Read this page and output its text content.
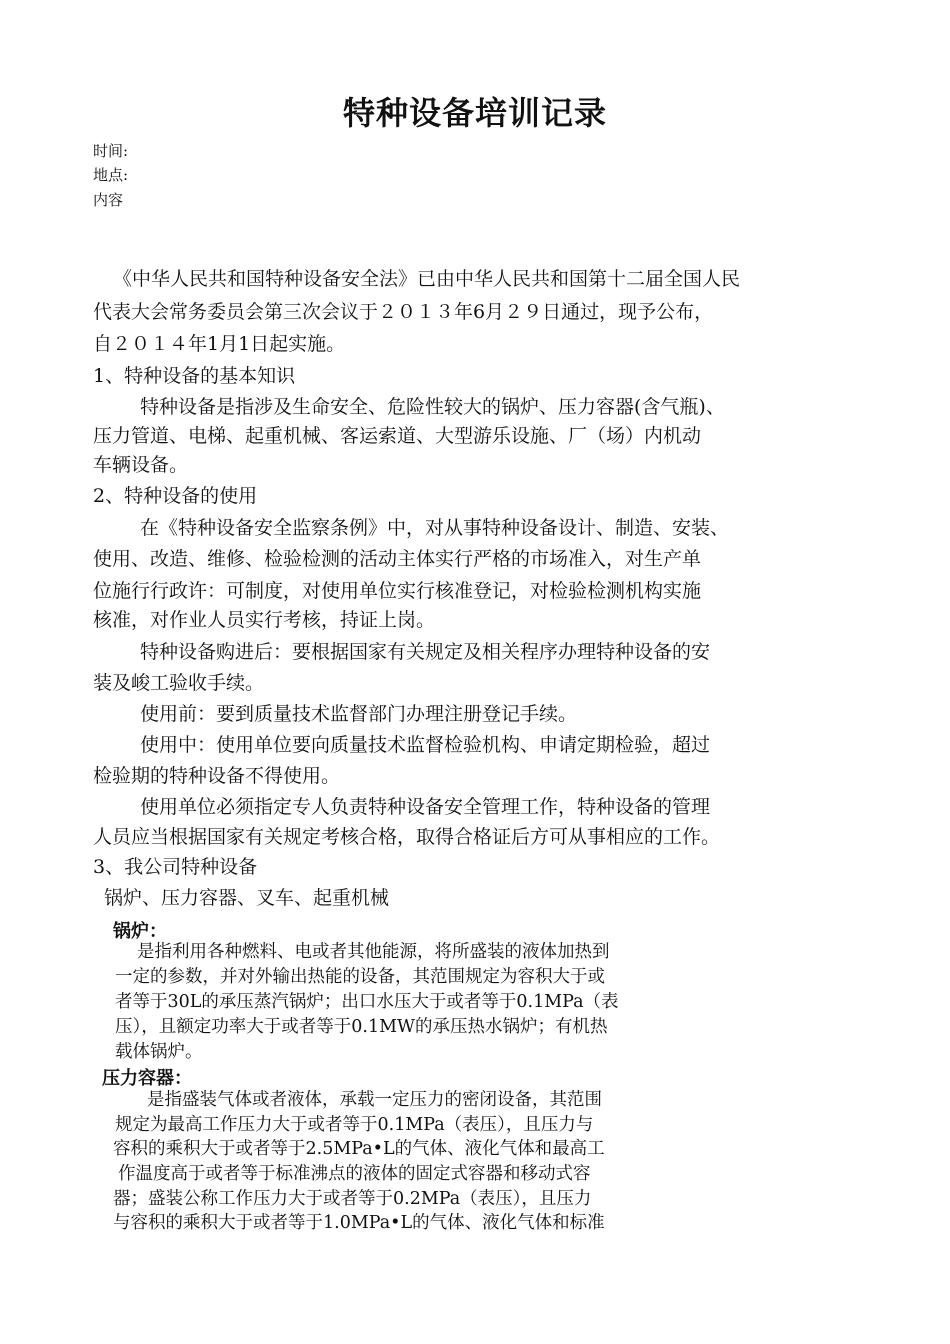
特种设备培训记录
时间:
地点:
内容
《中华人民共和国特种设备安全法》已由中华人民共和国第十二届全国人民
代表大会常务委员会第三次会议于２０１３年6月２９日通过，现予公布，
自２０１４年1月1日起实施。
1、特种设备的基本知识
特种设备是指涉及生命安全、危险性较大的锅炉、压力容器(含气瓶)、
压力管道、电梯、起重机械、客运索道、大型游乐设施、厂（场）内机动
车辆设备。
2、特种设备的使用
在《特种设备安全监察条例》中，对从事特种设备设计、制造、安装、
使用、改造、维修、检验检测的活动主体实行严格的市场准入，对生产单
位施行行政许：可制度，对使用单位实行核准登记，对检验检测机构实施
核准，对作业人员实行考核，持证上岗。
特种设备购进后：要根据国家有关规定及相关程序办理特种设备的安
装及峻工验收手续。
使用前：要到质量技术监督部门办理注册登记手续。
使用中：使用单位要向质量技术监督检验机构、申请定期检验，超过
检验期的特种设备不得使用。
使用单位必须指定专人负责特种设备安全管理工作，特种设备的管理
人员应当根据国家有关规定考核合格，取得合格证后方可从事相应的工作。
3、我公司特种设备
锅炉、压力容器、叉车、起重机械
锅炉：
是指利用各种燃料、电或者其他能源，将所盛装的液体加热到
一定的参数，并对外输出热能的设备，其范围规定为容积大于或
者等于30L的承压蒸汽锅炉；出口水压大于或者等于0.1MPa（表
压），且额定功率大于或者等于0.1MW的承压热水锅炉；有机热
载体锅炉。
压力容器：
是指盛装气体或者液体，承载一定压力的密闭设备，其范围
规定为最高工作压力大于或者等于0.1MPa（表压），且压力与
容积的乘积大于或者等于2.5MPa•L的气体、液化气体和最高工
作温度高于或者等于标准沸点的液体的固定式容器和移动式容
器；盛装公称工作压力大于或者等于0.2MPa（表压），且压力
与容积的乘积大于或者等于1.0MPa•L的气体、液化气体和标准
